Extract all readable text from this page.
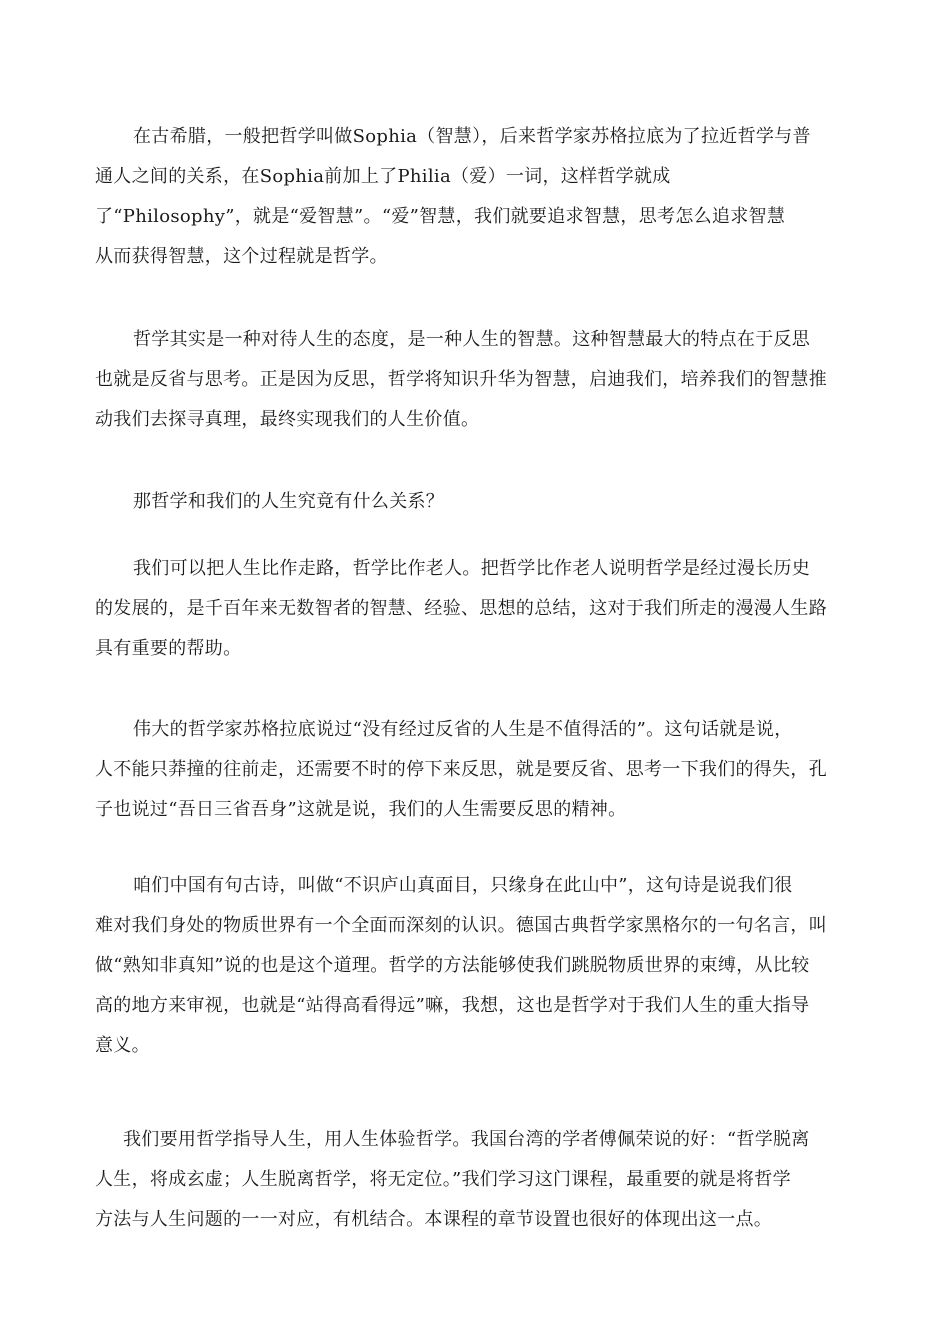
在古希腊，一般把哲学叫做Sophia（智慧），后来哲学家苏格拉底为了拉近哲学与普
通人之间的关系，在Sophia前加上了Philia（爱）一词，这样哲学就成
了“Philosophy”，就是“爱智慧”。“爱”智慧，我们就要追求智慧，思考怎么追求智慧
从而获得智慧，这个过程就是哲学。
哲学其实是一种对待人生的态度，是一种人生的智慧。这种智慧最大的特点在于反思
也就是反省与思考。正是因为反思，哲学将知识升华为智慧，启迪我们，培养我们的智慧推
动我们去探寻真理，最终实现我们的人生价值。
那哲学和我们的人生究竟有什么关系？
我们可以把人生比作走路，哲学比作老人。把哲学比作老人说明哲学是经过漫长历史
的发展的，是千百年来无数智者的智慧、经验、思想的总结，这对于我们所走的漫漫人生路
具有重要的帮助。
伟大的哲学家苏格拉底说过“没有经过反省的人生是不值得活的”。这句话就是说，
人不能只莽撞的往前走，还需要不时的停下来反思，就是要反省、思考一下我们的得失，孔
子也说过“吾日三省吾身”这就是说，我们的人生需要反思的精神。
咱们中国有句古诗，叫做“不识庐山真面目，只缘身在此山中”，这句诗是说我们很
难对我们身处的物质世界有一个全面而深刻的认识。德国古典哲学家黑格尔的一句名言，叫
做“熟知非真知”说的也是这个道理。哲学的方法能够使我们跳脱物质世界的束缚，从比较
高的地方来审视，也就是“站得高看得远”嘛，我想，这也是哲学对于我们人生的重大指导
意义。
我们要用哲学指导人生，用人生体验哲学。我国台湾的学者傅佩荣说的好：“哲学脱离
人生，将成玄虚；人生脱离哲学，将无定位。”我们学习这门课程，最重要的就是将哲学
方法与人生问题的一一对应，有机结合。本课程的章节设置也很好的体现出这一点。
